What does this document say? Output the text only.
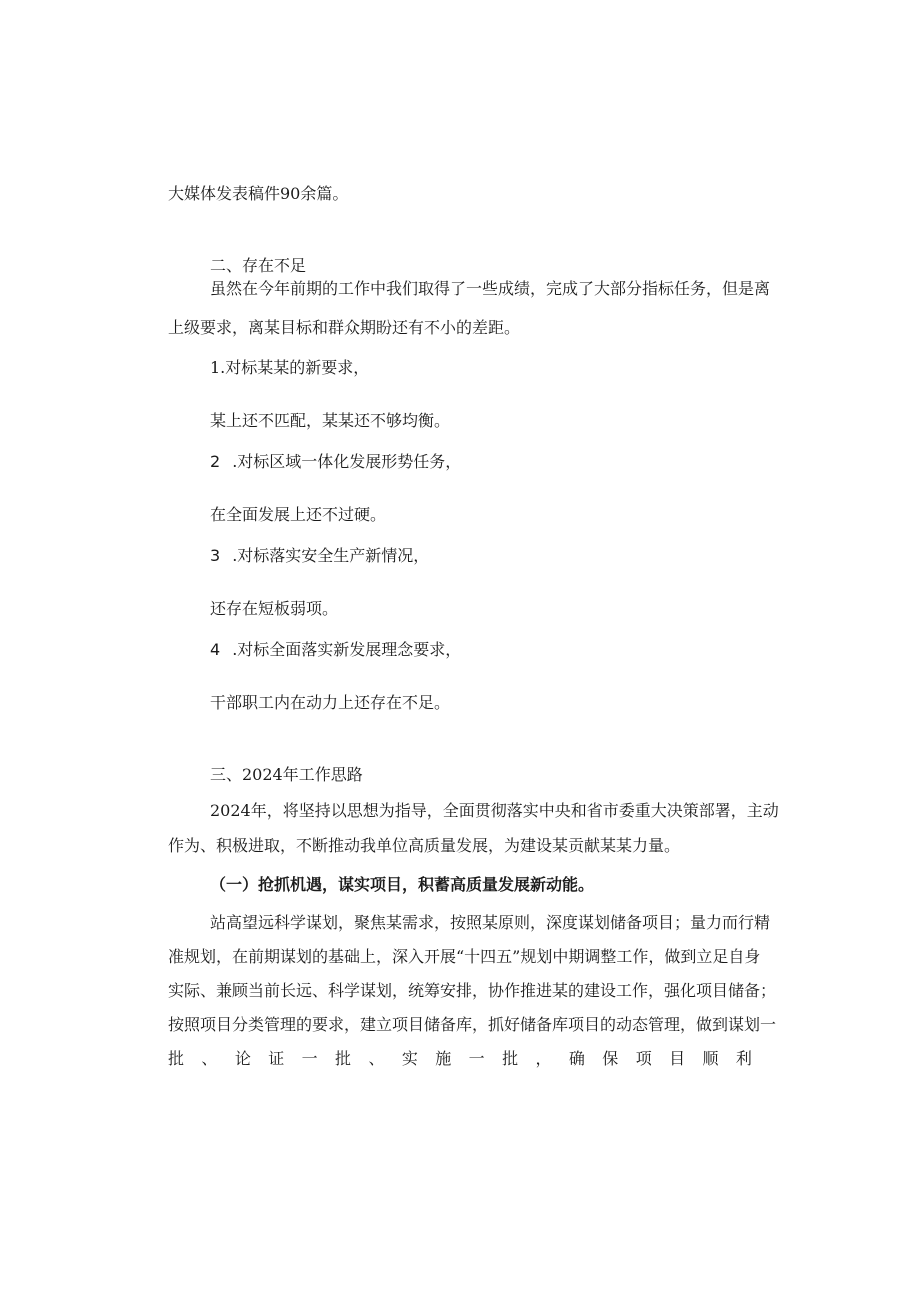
大媒体发表稿件90余篇。

二、存在不足

虽然在今年前期的工作中我们取得了一些成绩，完成了大部分指标任务，但是离

上级要求，离某目标和群众期盼还有不小的差距。

1.对标某某的新要求，

某上还不匹配，某某还不够均衡。

2 .对标区域一体化发展形势任务，

在全面发展上还不过硬。

3 .对标落实安全生产新情况，

还存在短板弱项。

4 .对标全面落实新发展理念要求，

干部职工内在动力上还存在不足。

三、2024年工作思路

2024年，将坚持以思想为指导，全面贯彻落实中央和省市委重大决策部署，主动

作为、积极进取，不断推动我单位高质量发展，为建设某贡献某某力量。

（一）抢抓机遇，谋实项目，积蓄高质量发展新动能。

站高望远科学谋划，聚焦某需求，按照某原则，深度谋划储备项目；量力而行精

准规划，在前期谋划的基础上，深入开展“十四五”规划中期调整工作，做到立足自身

实际、兼顾当前长远、科学谋划，统筹安排，协作推进某的建设工作，强化项目储备；

按照项目分类管理的要求，建立项目储备库，抓好储备库项目的动态管理，做到谋划一

批 、 论 证 一 批 、 实 施 一 批 ， 确 保 项 目 顺 利
